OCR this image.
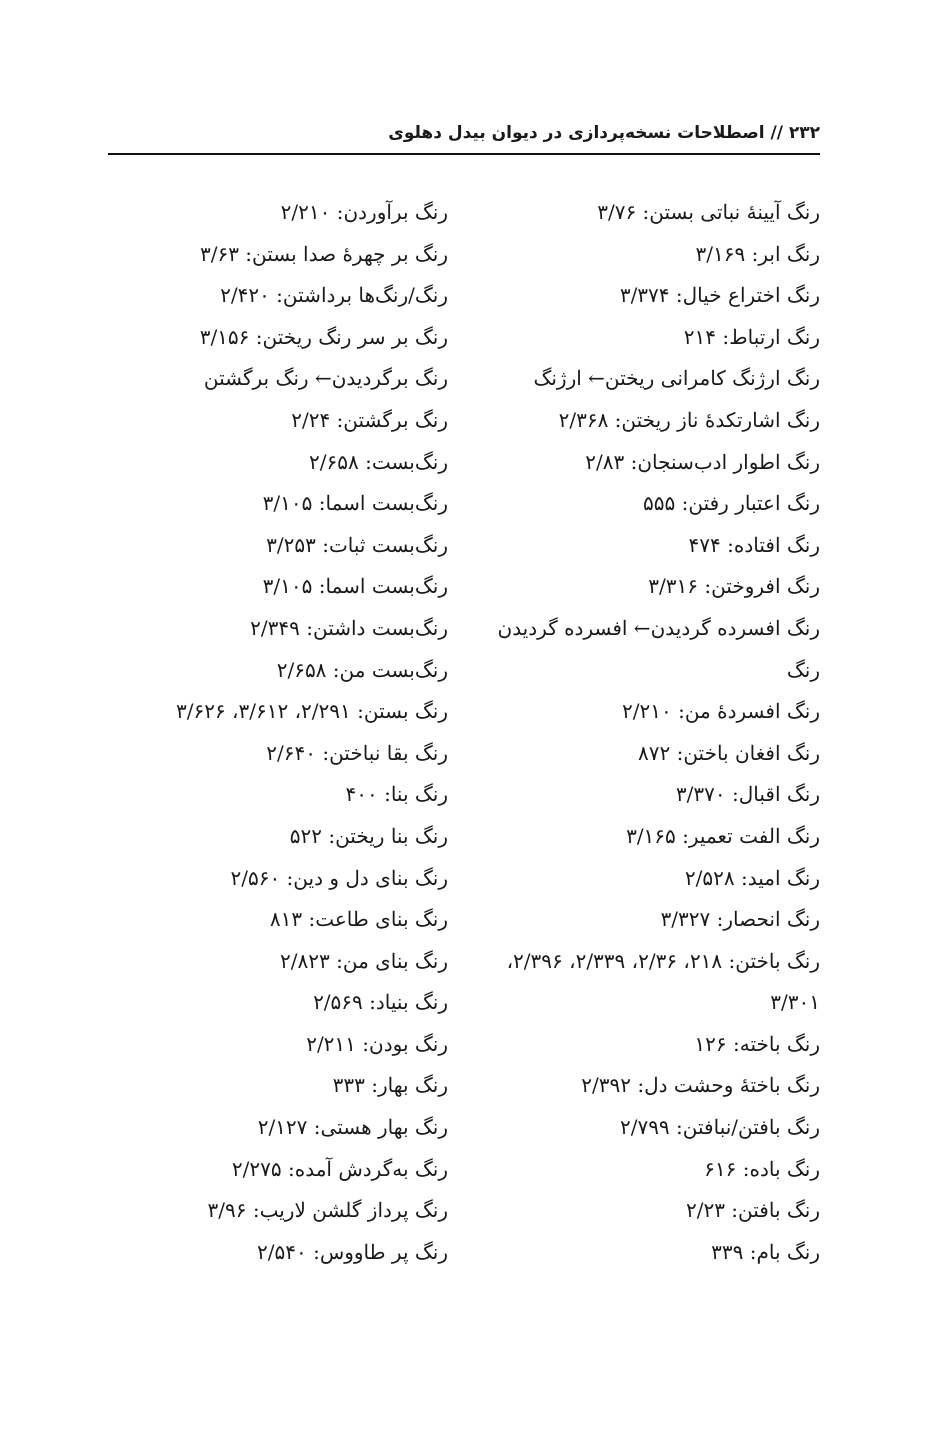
۲۳۲ // اصطلاحات نسخه‌پردازی در دیوان بیدل دهلوی
رنگ آیینهٔ نباتی بستن: ۳/۷۶
رنگ ابر: ۳/۱۶۹
رنگ اختراع خیال: ۳/۳۷۴
رنگ ارتباط: ۲۱۴
رنگ ارژنگ کامرانی ریختن← ارژنگ
رنگ اشارتکدهٔ ناز ریختن: ۲/۳۶۸
رنگ اطوار ادب‌سنجان: ۲/۸۳
رنگ اعتبار رفتن: ۵۵۵
رنگ افتاده: ۴۷۴
رنگ افروختن: ۳/۳۱۶
رنگ افسرده گردیدن← افسرده گردیدن رنگ
رنگ افسردهٔ من: ۲/۲۱۰
رنگ افغان باختن: ۸۷۲
رنگ اقبال: ۳/۳۷۰
رنگ الفت تعمیر: ۳/۱۶۵
رنگ امید: ۲/۵۲۸
رنگ انحصار: ۳/۳۲۷
رنگ باختن: ۲۱۸، ۲/۳۶، ۲/۳۳۹، ۲/۳۹۶، ۳/۳۰۱
رنگ باخته: ۱۲۶
رنگ باختهٔ وحشت دل: ۲/۳۹۲
رنگ بافتن/نبافتن: ۲/۷۹۹
رنگ باده: ۶۱۶
رنگ بافتن: ۲/۲۳
رنگ بام: ۳۳۹
رنگ برآوردن: ۲/۲۱۰
رنگ بر چهرهٔ صدا بستن: ۳/۶۳
رنگ/رنگ‌ها برداشتن: ۲/۴۲۰
رنگ بر سر رنگ ریختن: ۳/۱۵۶
رنگ برگردیدن← رنگ برگشتن
رنگ برگشتن: ۲/۲۴
رنگ‌بست: ۲/۶۵۸
رنگ‌بست اسما: ۳/۱۰۵
رنگ‌بست ثبات: ۳/۲۵۳
رنگ‌بست اسما: ۳/۱۰۵
رنگ‌بست داشتن: ۲/۳۴۹
رنگ‌بست من: ۲/۶۵۸
رنگ بستن: ۲/۲۹۱، ۳/۶۱۲، ۳/۶۲۶
رنگ بقا نباختن: ۲/۶۴۰
رنگ بنا: ۴۰۰
رنگ بنا ریختن: ۵۲۲
رنگ بنای دل و دین: ۲/۵۶۰
رنگ بنای طاعت: ۸۱۳
رنگ بنای من: ۲/۸۲۳
رنگ بنیاد: ۲/۵۶۹
رنگ بودن: ۲/۲۱۱
رنگ بهار: ۳۳۳
رنگ بهار هستی: ۲/۱۲۷
رنگ به‌گردش آمده: ۲/۲۷۵
رنگ پرداز گلشن لاریب: ۳/۹۶
رنگ پر طاووس: ۲/۵۴۰
